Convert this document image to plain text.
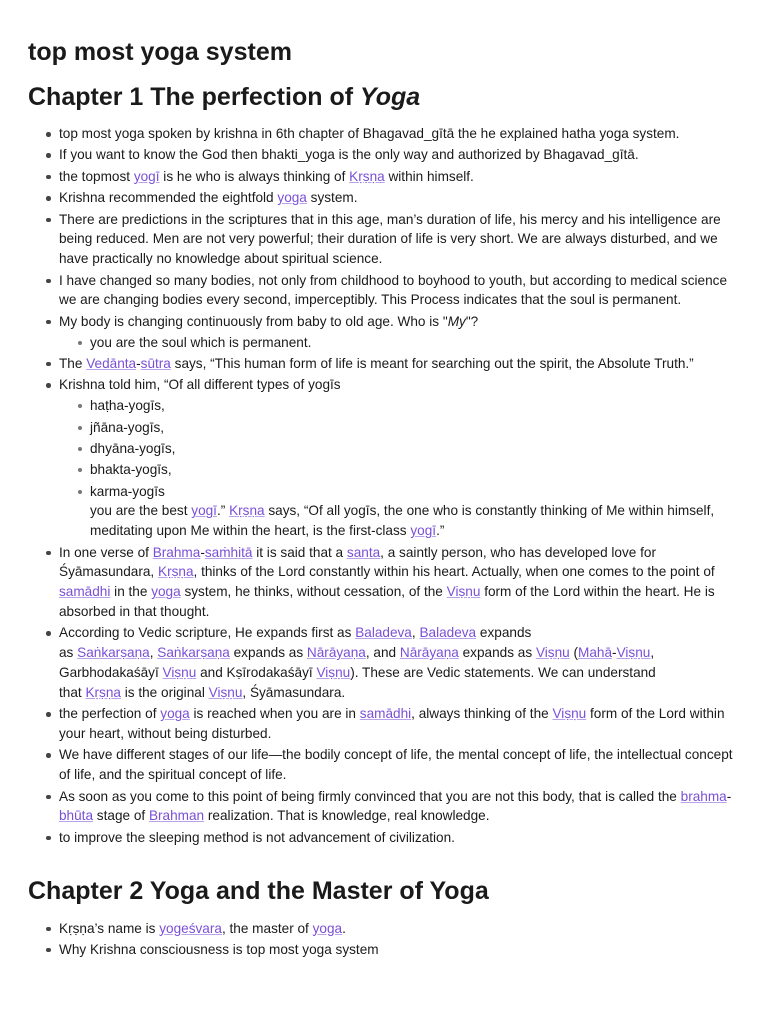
top most yoga system
Chapter 1 The perfection of Yoga
top most yoga spoken by krishna in 6th chapter of Bhagavad_gītā the he explained hatha yoga system.
If you want to know the God then bhakti_yoga is the only way and authorized by Bhagavad_gītā.
the topmost yogī is he who is always thinking of Kṛṣṇa within himself.
Krishna recommended the eightfold yoga system.
There are predictions in the scriptures that in this age, man’s duration of life, his mercy and his intelligence are being reduced. Men are not very powerful; their duration of life is very short. We are always disturbed, and we have practically no knowledge about spiritual science.
I have changed so many bodies, not only from childhood to boyhood to youth, but according to medical science we are changing bodies every second, imperceptibly. This Process indicates that the soul is permanent.
My body is changing continuously from baby to old age. Who is "My"?
you are the soul which is permanent.
The Vedānta-sūtra says, “This human form of life is meant for searching out the spirit, the Absolute Truth.”
Krishna told him, “Of all different types of yogīs
haṭha-yogīs,
jñāna-yogīs,
dhyāna-yogīs,
bhakta-yogīs,
karma-yogīs
you are the best yogī.” Kṛṣṇa says, “Of all yogīs, the one who is constantly thinking of Me within himself, meditating upon Me within the heart, is the first-class yogī.”
In one verse of Brahma-saṁhitā it is said that a santa, a saintly person, who has developed love for Śyāmasundara, Kṛṣṇa, thinks of the Lord constantly within his heart. Actually, when one comes to the point of samādhi in the yoga system, he thinks, without cessation, of the Viṣṇu form of the Lord within the heart. He is absorbed in that thought.
According to Vedic scripture, He expands first as Baladeva, Baladeva expands
as Saṅkarṣaṇa, Saṅkarṣaṇa expands as Nārāyaṇa, and Nārāyaṇa expands as Viṣṇu (Mahā-Viṣṇu,
Garbhodakaśāyī Viṣṇu and Kṣīrodakaśāyī Viṣṇu). These are Vedic statements. We can understand
that Kṛṣṇa is the original Viṣṇu, Śyāmasundara.
the perfection of yoga is reached when you are in samādhi, always thinking of the Viṣṇu form of the Lord within your heart, without being disturbed.
We have different stages of our life—the bodily concept of life, the mental concept of life, the intellectual concept of life, and the spiritual concept of life.
As soon as you come to this point of being firmly convinced that you are not this body, that is called the brahma-bhūta stage of Brahman realization. That is knowledge, real knowledge.
to improve the sleeping method is not advancement of civilization.
Chapter 2 Yoga and the Master of Yoga
Kṛṣṇa’s name is yogeśvara, the master of yoga.
Why Krishna consciousness is top most yoga system
